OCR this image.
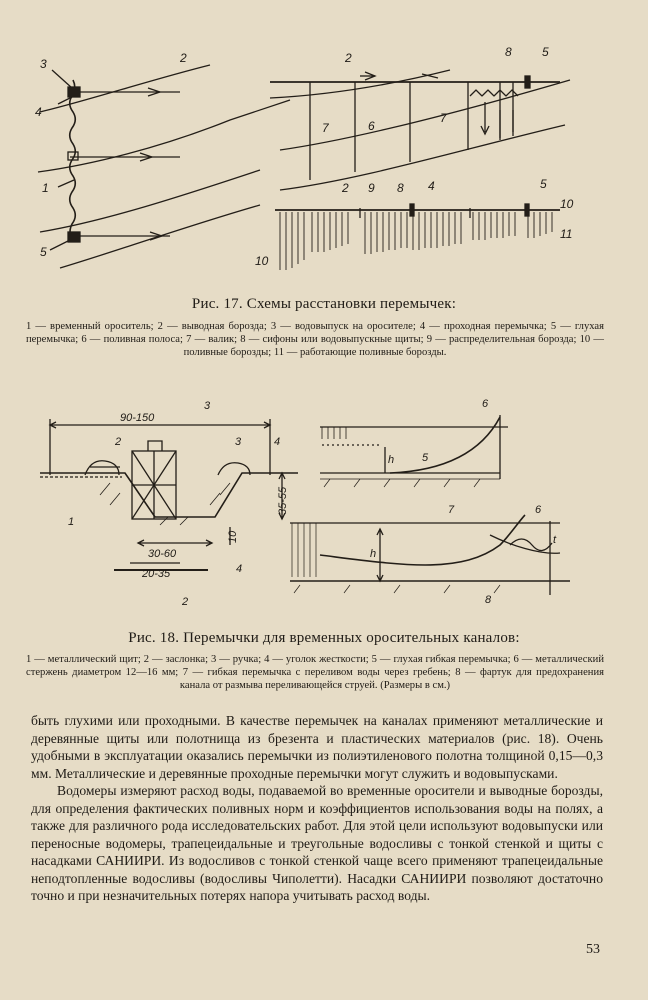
3
4
2
1
5
2	8	5
7	6
7
2 9 8 4	5
10
11
10
Рис. 17. Схемы расстановки перемычек:
1 — временный ороситель; 2 — выводная борозда; 3 — водовыпуск на оросителе; 4 — проходная перемычка; 5 — глухая перемычка; 6 — поливная полоса; 7 — валик; 8 — сифоны или водовыпускные щиты; 9 — распределительная борозда; 10 — поливные борозды; 11 — работающие поливные борозды.
3
2	3	4
1
4
2
90-150
30-60
20-35
35-55
10
6
h	5
7	6
h
t
8
Рис. 18. Перемычки для временных оросительных каналов:
1 — металлический щит; 2 — заслонка; 3 — ручка; 4 — уголок жесткости; 5 — глухая гибкая перемычка; 6 — металлический стержень диаметром 12—16 мм; 7 — гибкая перемычка с переливом воды через гребень; 8 — фартук для предохранения канала от размыва переливающейся струей. (Размеры в см.)

быть глухими или проходными. В качестве перемычек на каналах применяют металлические и деревянные щиты или полотнища из брезента и пластических материалов (рис. 18). Очень удобными в эксплуатации оказались перемычки из полиэтиленового полотна толщиной 0,15—0,3 мм. Металлические и деревянные проходные перемычки могут служить и водовыпусками.

Водомеры измеряют расход воды, подаваемой во временные оросители и выводные борозды, для определения фактических поливных норм и коэффициентов использования воды на полях, а также для различного рода исследовательских работ. Для этой цели используют водовыпуски или переносные водомеры, трапецеидальные и треугольные водосливы с тонкой стенкой и щиты с насадками САНИИРИ. Из водосливов с тонкой стенкой чаще всего применяют трапецеидальные неподтопленные водосливы (водосливы Чиполетти). Насадки САНИИРИ позволяют достаточно точно и при незначительных потерях напора учитывать расход воды.

53
